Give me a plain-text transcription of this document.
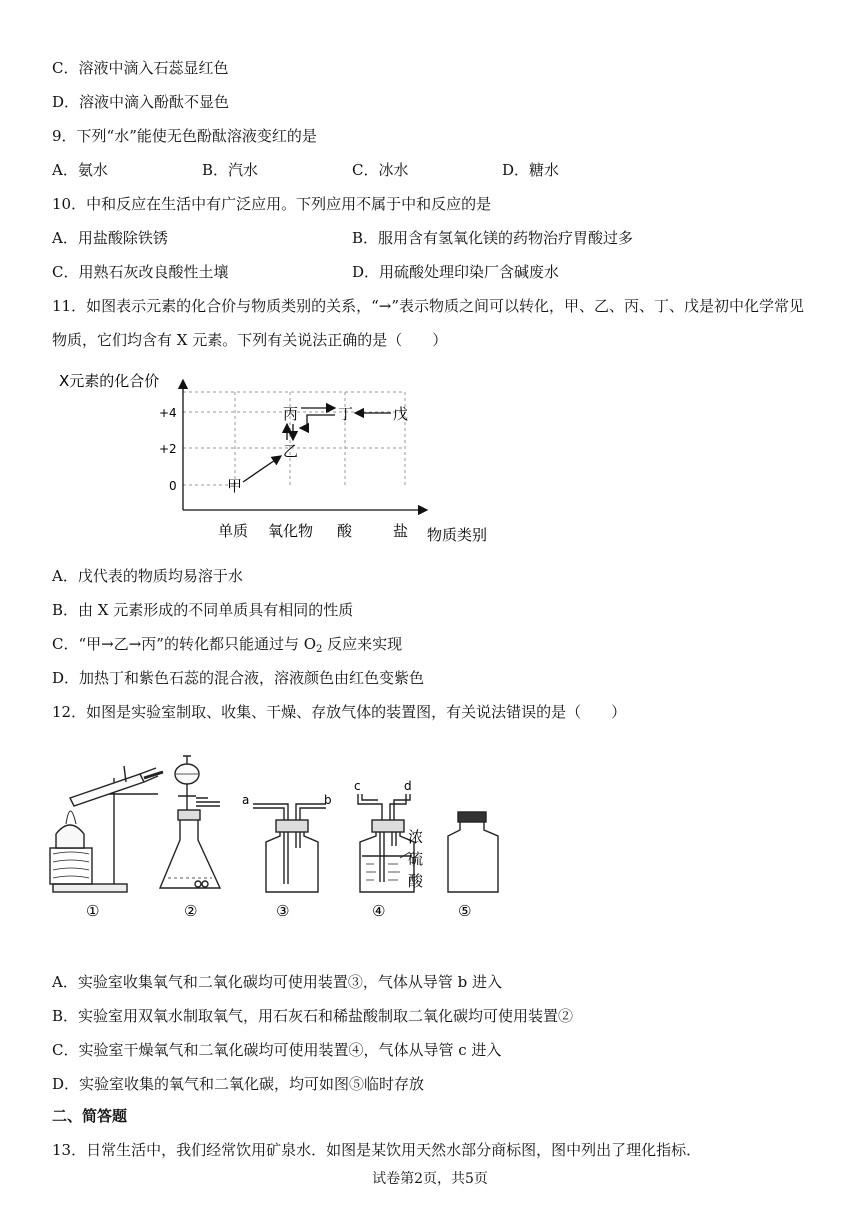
C．溶液中滴入石蕊显红色
D．溶液中滴入酚酞不显色
9．下列“水”能使无色酚酞溶液变红的是
A．氨水	B．汽水	C．冰水	D．糖水
10．中和反应在生活中有广泛应用。下列应用不属于中和反应的是
A．用盐酸除铁锈	B．服用含有氢氧化镁的药物治疗胃酸过多
C．用熟石灰改良酸性土壤	D．用硫酸处理印染厂含碱废水
11．如图表示元素的化合价与物质类别的关系，“→”表示物质之间可以转化，甲、乙、丙、丁、戊是初中化学常见
物质，它们均含有 X 元素。下列有关说法正确的是（　　）
X元素的化合价
物质类别
+4
+2
0
单质 氧化物 酸	盐
甲
乙
丙	丁	戊
A．戊代表的物质均易溶于水
B．由 X 元素形成的不同单质具有相同的性质
C．“甲→乙→丙”的转化都只能通过与 $O_2$ 反应来实现
D．加热丁和紫色石蕊的混合液，溶液颜色由红色变紫色
12．如图是实验室制取、收集、干燥、存放气体的装置图，有关说法错误的是（　　）
a	b
c	d
浓
硫
酸
①	②	③	④	⑤
A．实验室收集氧气和二氧化碳均可使用装置③，气体从导管 b 进入
B．实验室用双氧水制取氧气，用石灰石和稀盐酸制取二氧化碳均可使用装置②
C．实验室干燥氧气和二氧化碳均可使用装置④，气体从导管 c 进入
D．实验室收集的氧气和二氧化碳，均可如图⑤临时存放
二、简答题
13．日常生活中，我们经常饮用矿泉水．如图是某饮用天然水部分商标图，图中列出了理化指标．
试卷第2页，共5页
